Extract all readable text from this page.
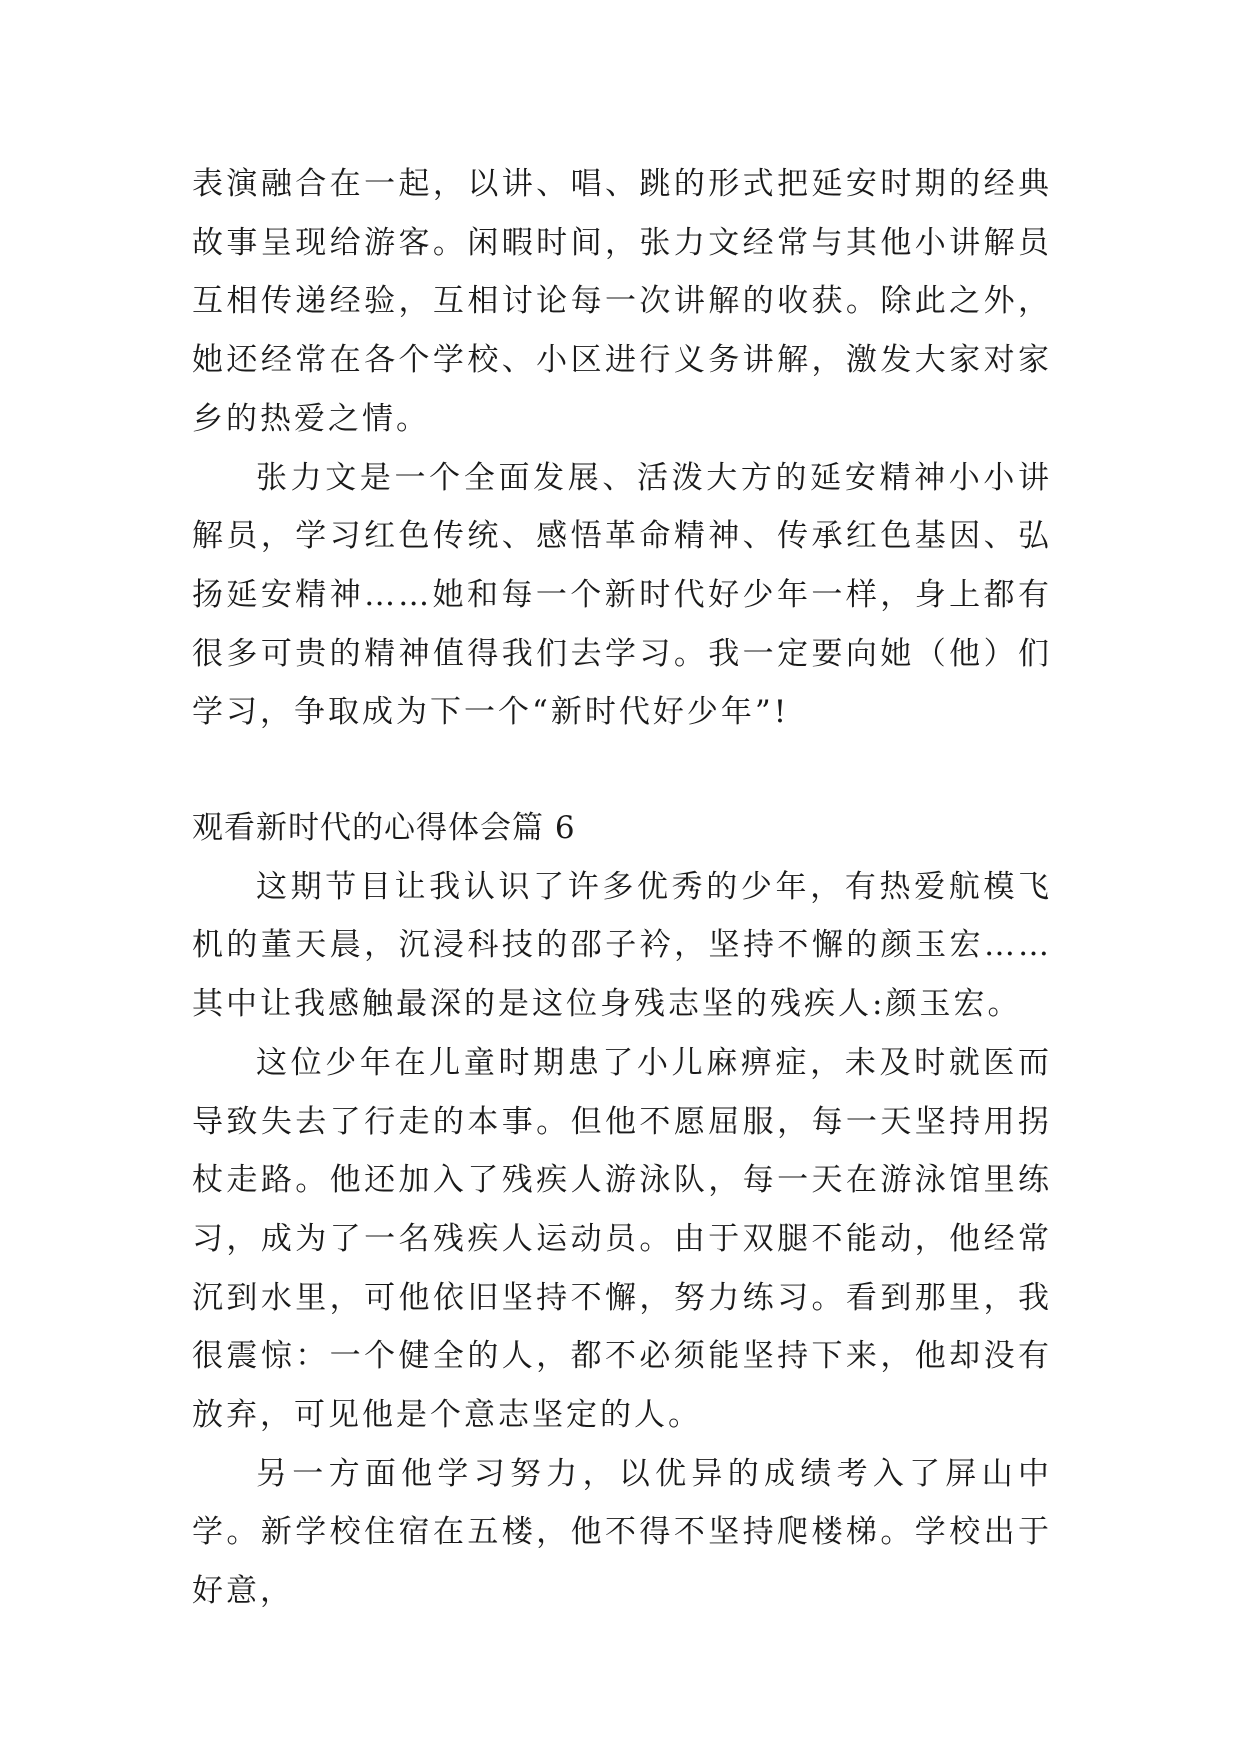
表演融合在一起，以讲、唱、跳的形式把延安时期的经典故事呈现给游客。闲暇时间，张力文经常与其他小讲解员互相传递经验，互相讨论每一次讲解的收获。除此之外，她还经常在各个学校、小区进行义务讲解，激发大家对家乡的热爱之情。

张力文是一个全面发展、活泼大方的延安精神小小讲解员，学习红色传统、感悟革命精神、传承红色基因、弘扬延安精神……她和每一个新时代好少年一样，身上都有很多可贵的精神值得我们去学习。我一定要向她（他）们学习，争取成为下一个“新时代好少年”!

观看新时代的心得体会篇 6

这期节目让我认识了许多优秀的少年，有热爱航模飞机的董天晨，沉浸科技的邵子衿，坚持不懈的颜玉宏……其中让我感触最深的是这位身残志坚的残疾人:颜玉宏。

这位少年在儿童时期患了小儿麻痹症，未及时就医而导致失去了行走的本事。但他不愿屈服，每一天坚持用拐杖走路。他还加入了残疾人游泳队，每一天在游泳馆里练习，成为了一名残疾人运动员。由于双腿不能动，他经常沉到水里，可他依旧坚持不懈，努力练习。看到那里，我很震惊：一个健全的人，都不必须能坚持下来，他却没有放弃，可见他是个意志坚定的人。

另一方面他学习努力，以优异的成绩考入了屏山中学。新学校住宿在五楼，他不得不坚持爬楼梯。学校出于好意，
